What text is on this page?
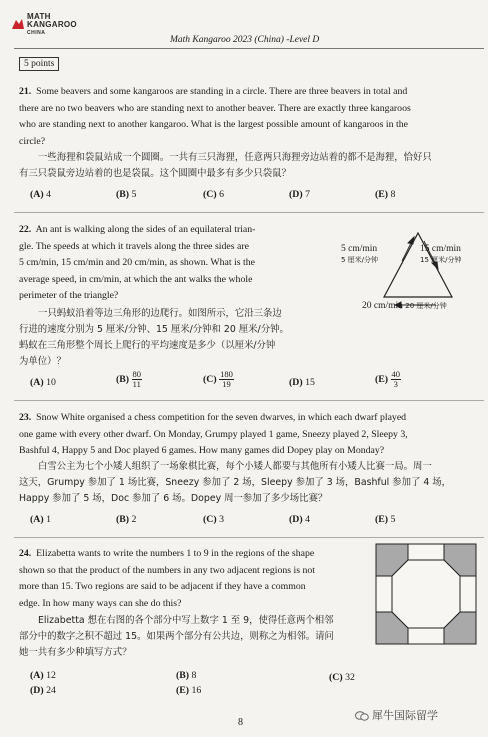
MATH
KANGAROO
CHINA
Math Kangaroo 2023 (China) -Level D
5 points
21. Some beavers and some kangaroos are standing in a circle. There are three beavers in total and
there are no two beavers who are standing next to another beaver. There are exactly three kangaroos
who are standing next to another kangaroo. What is the largest possible amount of kangaroos in the
circle?
一些海狸和袋鼠站成一个圆圈。一共有三只海狸，任意两只海狸旁边站着的都不是海狸，恰好只
有三只袋鼠旁边站着的也是袋鼠。这个圆圈中最多有多少只袋鼠？
(A) 4	(B) 5	(C) 6	(D) 7	(E) 8
22. An ant is walking along the sides of an equilateral trian-
gle. The speeds at which it travels along the three sides are
5 cm/min, 15 cm/min and 20 cm/min, as shown. What is the
average speed, in cm/min, at which the ant walks the whole
perimeter of the triangle?
一只蚂蚁沿着等边三角形的边爬行。如图所示，它沿三条边
行进的速度分别为 5 厘米/分钟、15 厘米/分钟和 20 厘米/分钟。
蚂蚁在三角形整个周长上爬行的平均速度是多少（以厘米/分钟
为单位）？
5 cm/min
5 厘米/分钟
15 cm/min
15 厘米/分钟
20 cm/min 20 厘米/分钟
(A) 10	$(B) \frac{80}{11}$	$(C) \frac{180}{19}$	(D) 15	$(E) \frac{40}{3}$
23. Snow White organised a chess competition for the seven dwarves, in which each dwarf played
one game with every other dwarf. On Monday, Grumpy played 1 game, Sneezy played 2, Sleepy 3,
Bashful 4, Happy 5 and Doc played 6 games. How many games did Dopey play on Monday?
白雪公主为七个小矮人组织了一场象棋比赛，每个小矮人都要与其他所有小矮人比赛一局。周一
这天，Grumpy 参加了 1 场比赛，Sneezy 参加了 2 场，Sleepy 参加了 3 场，Bashful 参加了 4 场，
Happy 参加了 5 场，Doc 参加了 6 场。Dopey 周一参加了多少场比赛？
(A) 1	(B) 2	(C) 3	(D) 4	(E) 5
24. Elizabetta wants to write the numbers 1 to 9 in the regions of the shape
shown so that the product of the numbers in any two adjacent regions is not
more than 15. Two regions are said to be adjacent if they have a common
edge. In how many ways can she do this?
Elizabetta 想在右图的各个部分中写上数字 1 至 9，使得任意两个相邻
部分中的数字之积不超过 15。如果两个部分有公共边，则称之为相邻。请问
她一共有多少种填写方式？
(A) 12	(B) 8	(C) 32
(D) 24	(E) 16
犀牛国际留学
8
